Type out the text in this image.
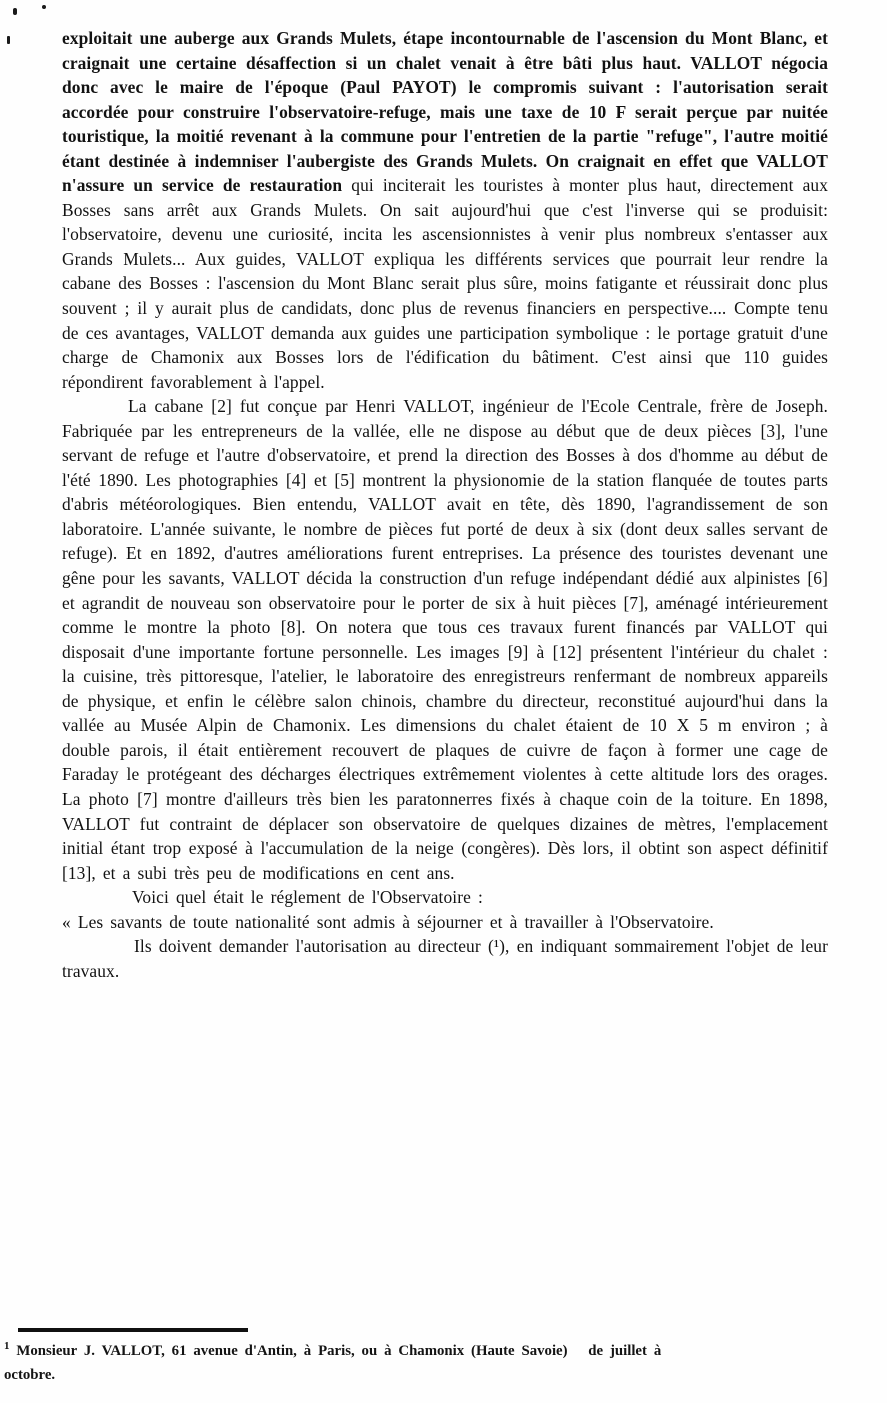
exploitait une auberge aux Grands Mulets, étape incontournable de l'ascension du Mont Blanc, et craignait une certaine désaffection si un chalet venait à être bâti plus haut. VALLOT négocia donc avec le maire de l'époque (Paul PAYOT) le compromis suivant : l'autorisation serait accordée pour construire l'observatoire-refuge, mais une taxe de 10 F serait perçue par nuitée touristique, la moitié revenant à la commune pour l'entretien de la partie "refuge", l'autre moitié étant destinée à indemniser l'aubergiste des Grands Mulets. On craignait en effet que VALLOT n'assure un service de restauration qui inciterait les touristes à monter plus haut, directement aux Bosses sans arrêt aux Grands Mulets. On sait aujourd'hui que c'est l'inverse qui se produisit: l'observatoire, devenu une curiosité, incita les ascensionnistes à venir plus nombreux s'entasser aux Grands Mulets... Aux guides, VALLOT expliqua les différents services que pourrait leur rendre la cabane des Bosses : l'ascension du Mont Blanc serait plus sûre, moins fatigante et réussirait donc plus souvent ; il y aurait plus de candidats, donc plus de revenus financiers en perspective.... Compte tenu de ces avantages, VALLOT demanda aux guides une participation symbolique : le portage gratuit d'une charge de Chamonix aux Bosses lors de l'édification du bâtiment. C'est ainsi que 110 guides répondirent favorablement à l'appel.

La cabane [2] fut conçue par Henri VALLOT, ingénieur de l'Ecole Centrale, frère de Joseph. Fabriquée par les entrepreneurs de la vallée, elle ne dispose au début que de deux pièces [3], l'une servant de refuge et l'autre d'observatoire, et prend la direction des Bosses à dos d'homme au début de l'été 1890. Les photographies [4] et [5] montrent la physionomie de la station flanquée de toutes parts d'abris météorologiques. Bien entendu, VALLOT avait en tête, dès 1890, l'agrandissement de son laboratoire. L'année suivante, le nombre de pièces fut porté de deux à six (dont deux salles servant de refuge). Et en 1892, d'autres améliorations furent entreprises. La présence des touristes devenant une gêne pour les savants, VALLOT décida la construction d'un refuge indépendant dédié aux alpinistes [6] et agrandit de nouveau son observatoire pour le porter de six à huit pièces [7], aménagé intérieurement comme le montre la photo [8]. On notera que tous ces travaux furent financés par VALLOT qui disposait d'une importante fortune personnelle. Les images [9] à [12] présentent l'intérieur du chalet : la cuisine, très pittoresque, l'atelier, le laboratoire des enregistreurs renfermant de nombreux appareils de physique, et enfin le célèbre salon chinois, chambre du directeur, reconstitué aujourd'hui dans la vallée au Musée Alpin de Chamonix. Les dimensions du chalet étaient de 10 X 5 m environ ; à double parois, il était entièrement recouvert de plaques de cuivre de façon à former une cage de Faraday le protégeant des décharges électriques extrêmement violentes à cette altitude lors des orages. La photo [7] montre d'ailleurs très bien les paratonnerres fixés à chaque coin de la toiture. En 1898, VALLOT fut contraint de déplacer son observatoire de quelques dizaines de mètres, l'emplacement initial étant trop exposé à l'accumulation de la neige (congères). Dès lors, il obtint son aspect définitif [13], et a subi très peu de modifications en cent ans.

Voici quel était le réglement de l'Observatoire :

« Les savants de toute nationalité sont admis à séjourner et à travailler à l'Observatoire.

Ils doivent demander l'autorisation au directeur (¹), en indiquant sommairement l'objet de leur travaux.

$^1$ Monsieur J. VALLOT, 61 avenue d'Antin, à Paris, ou à Chamonix (Haute Savoie)   de juillet à

octobre.
